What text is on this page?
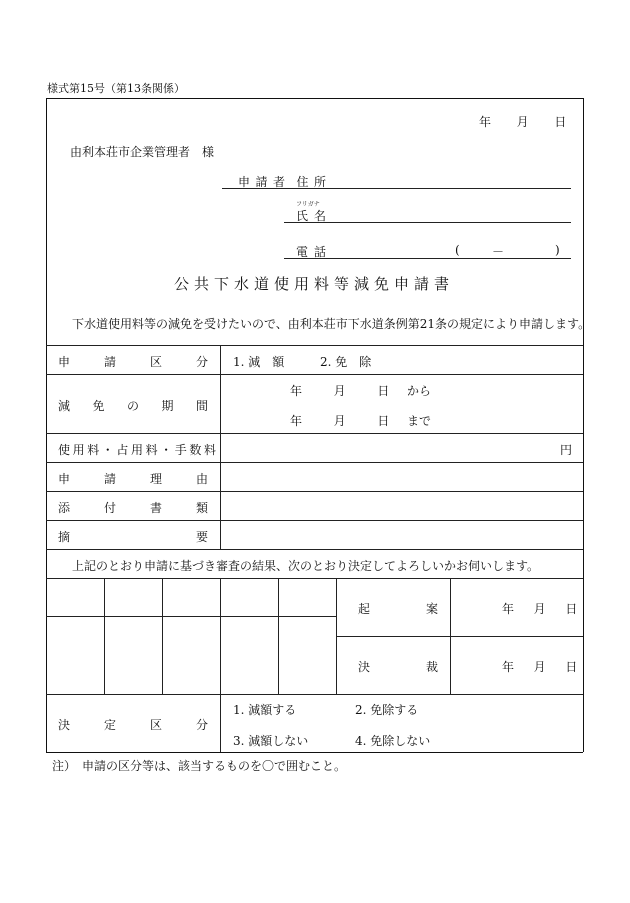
様式第15号（第13条関係）
年 月 日
由利本荘市企業管理者　様
申 請 者 住 所
フリガナ
氏 名
電 話	(	－	)
公共下水道使用料等減免申請書
下水道使用料等の減免を受けたいので、由利本荘市下水道条例第21条の規定により申請します。
申	請	区	分 1. 減　額	2. 免　除
減 免 の 期 間
年	月	日 から
年	月	日 まで
使 用 料 ・ 占 用 料 ・ 手 数 料	円
申	請	理	由
添	付	書	類
摘	要
上記のとおり申請に基づき審査の結果、次のとおり決定してよろしいかお伺いします。
起	案	年 月 日
決	裁	年 月 日
決	定	区	分
1. 減額する	2. 免除する
3. 減額しない	4. 免除しない
注）　申請の区分等は、該当するものを〇で囲むこと。
